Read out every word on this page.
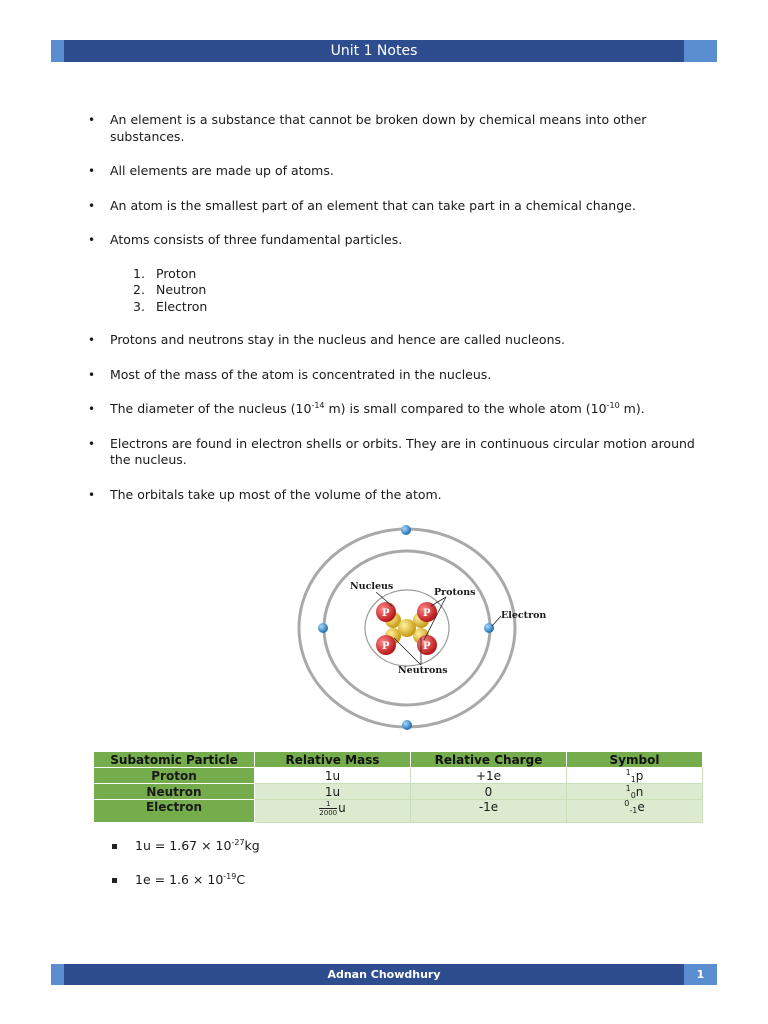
Unit 1 Notes
• An element is a substance that cannot be broken down by chemical means into other substances.
• All elements are made up of atoms.
• An atom is the smallest part of an element that can take part in a chemical change.
• Atoms consists of three fundamental particles.
1. Proton
2. Neutron
3. Electron
• Protons and neutrons stay in the nucleus and hence are called nucleons.
• Most of the mass of the atom is concentrated in the nucleus.
• The diameter of the nucleus ($10^{-14}$ m) is small compared to the whole atom ($10^{-10}$ m).
• Electrons are found in electron shells or orbits. They are in continuous circular motion around the nucleus.
• The orbitals take up most of the volume of the atom.
P	P
P	P
Nucleus
Protons
Electron
Neutrons
Subatomic Particle	Relative Mass	Relative Charge	Symbol
Proton	1u	+1e	$^1_1$p
Neutron	1u	0	$^1_0$n
Electron	$\frac{1}{2000}$ u	-1e	$^0_{-1}$e
$1u = 1.67 \times 10^{-27}kg$
$1e = 1.6 \times 10^{-19}C$
Adnan Chowdhury	1
